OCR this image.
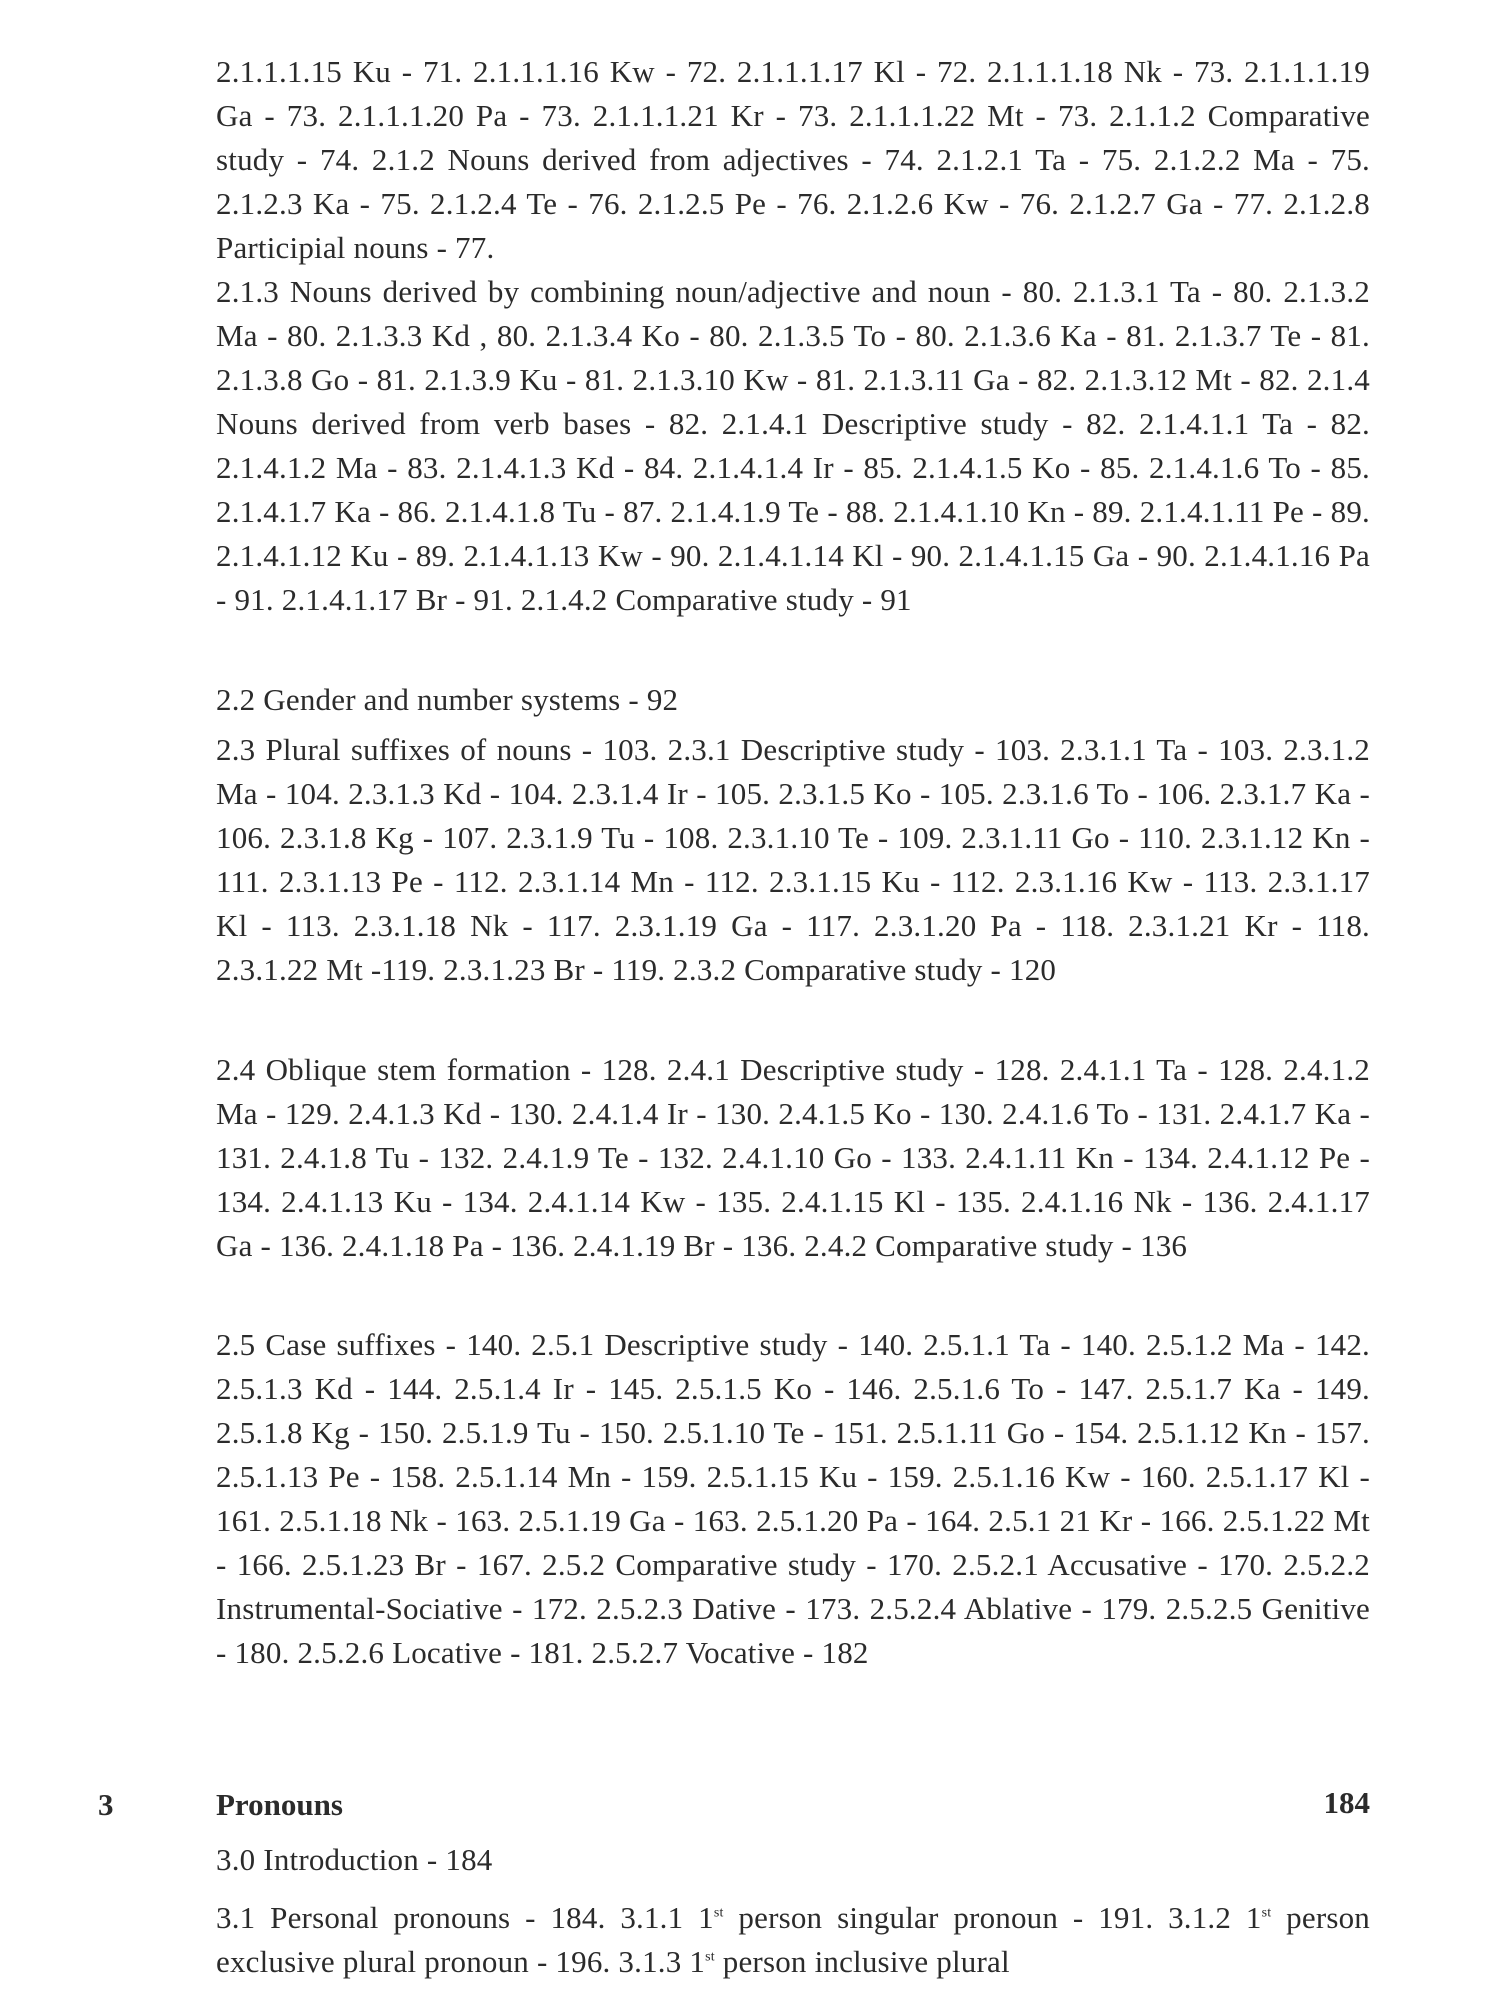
2.1.1.1.15 Ku - 71. 2.1.1.1.16 Kw - 72. 2.1.1.1.17 Kl - 72. 2.1.1.1.18 Nk - 73. 2.1.1.1.19 Ga - 73. 2.1.1.1.20 Pa - 73. 2.1.1.1.21 Kr - 73. 2.1.1.1.22 Mt - 73. 2.1.1.2 Comparative study - 74. 2.1.2 Nouns derived from adjectives - 74. 2.1.2.1 Ta - 75. 2.1.2.2 Ma - 75. 2.1.2.3 Ka - 75. 2.1.2.4 Te - 76. 2.1.2.5 Pe - 76. 2.1.2.6 Kw - 76. 2.1.2.7 Ga - 77. 2.1.2.8 Participial nouns - 77.

2.1.3 Nouns derived by combining noun/adjective and noun - 80. 2.1.3.1 Ta - 80. 2.1.3.2 Ma - 80. 2.1.3.3 Kd , 80. 2.1.3.4 Ko - 80. 2.1.3.5 To - 80. 2.1.3.6 Ka - 81. 2.1.3.7 Te - 81. 2.1.3.8 Go - 81. 2.1.3.9 Ku - 81. 2.1.3.10 Kw - 81. 2.1.3.11 Ga - 82. 2.1.3.12 Mt - 82. 2.1.4 Nouns derived from verb bases - 82. 2.1.4.1 Descriptive study - 82. 2.1.4.1.1 Ta - 82. 2.1.4.1.2 Ma - 83. 2.1.4.1.3 Kd - 84. 2.1.4.1.4 Ir - 85. 2.1.4.1.5 Ko - 85. 2.1.4.1.6 To - 85. 2.1.4.1.7 Ka - 86. 2.1.4.1.8 Tu - 87. 2.1.4.1.9 Te - 88. 2.1.4.1.10 Kn - 89. 2.1.4.1.11 Pe - 89. 2.1.4.1.12 Ku - 89. 2.1.4.1.13 Kw - 90. 2.1.4.1.14 Kl - 90. 2.1.4.1.15 Ga - 90. 2.1.4.1.16 Pa - 91. 2.1.4.1.17 Br - 91. 2.1.4.2 Comparative study - 91

2.2 Gender and number systems - 92

2.3 Plural suffixes of nouns - 103. 2.3.1 Descriptive study - 103. 2.3.1.1 Ta - 103. 2.3.1.2 Ma - 104. 2.3.1.3 Kd - 104. 2.3.1.4 Ir - 105. 2.3.1.5 Ko - 105. 2.3.1.6 To - 106. 2.3.1.7 Ka - 106. 2.3.1.8 Kg - 107. 2.3.1.9 Tu - 108. 2.3.1.10 Te - 109. 2.3.1.11 Go - 110. 2.3.1.12 Kn - 111. 2.3.1.13 Pe - 112. 2.3.1.14 Mn - 112. 2.3.1.15 Ku - 112. 2.3.1.16 Kw - 113. 2.3.1.17 Kl - 113. 2.3.1.18 Nk - 117. 2.3.1.19 Ga - 117. 2.3.1.20 Pa - 118. 2.3.1.21 Kr - 118. 2.3.1.22 Mt -119. 2.3.1.23 Br - 119. 2.3.2 Comparative study - 120

2.4 Oblique stem formation - 128. 2.4.1 Descriptive study - 128. 2.4.1.1 Ta - 128. 2.4.1.2 Ma - 129. 2.4.1.3 Kd - 130. 2.4.1.4 Ir - 130. 2.4.1.5 Ko - 130. 2.4.1.6 To - 131. 2.4.1.7 Ka - 131. 2.4.1.8 Tu - 132. 2.4.1.9 Te - 132. 2.4.1.10 Go - 133. 2.4.1.11 Kn - 134. 2.4.1.12 Pe - 134. 2.4.1.13 Ku - 134. 2.4.1.14 Kw - 135. 2.4.1.15 Kl - 135. 2.4.1.16 Nk - 136. 2.4.1.17 Ga - 136. 2.4.1.18 Pa - 136. 2.4.1.19 Br - 136. 2.4.2 Comparative study - 136

2.5 Case suffixes - 140. 2.5.1 Descriptive study - 140. 2.5.1.1 Ta - 140. 2.5.1.2 Ma - 142. 2.5.1.3 Kd - 144. 2.5.1.4 Ir - 145. 2.5.1.5 Ko - 146. 2.5.1.6 To - 147. 2.5.1.7 Ka - 149. 2.5.1.8 Kg - 150. 2.5.1.9 Tu - 150. 2.5.1.10 Te - 151. 2.5.1.11 Go - 154. 2.5.1.12 Kn - 157. 2.5.1.13 Pe - 158. 2.5.1.14 Mn - 159. 2.5.1.15 Ku - 159. 2.5.1.16 Kw - 160. 2.5.1.17 Kl - 161. 2.5.1.18 Nk - 163. 2.5.1.19 Ga - 163. 2.5.1.20 Pa - 164. 2.5.1 21 Kr - 166. 2.5.1.22 Mt - 166. 2.5.1.23 Br - 167. 2.5.2 Comparative study - 170. 2.5.2.1 Accusative - 170. 2.5.2.2 Instrumental-Sociative - 172. 2.5.2.3 Dative - 173. 2.5.2.4 Ablative - 179. 2.5.2.5 Genitive - 180. 2.5.2.6 Locative - 181. 2.5.2.7 Vocative - 182

3	Pronouns	184

3.0 Introduction - 184

3.1 Personal pronouns - 184. 3.1.1 1st person singular pronoun - 191. 3.1.2 1st person exclusive plural pronoun - 196. 3.1.3 1st person inclusive plural
